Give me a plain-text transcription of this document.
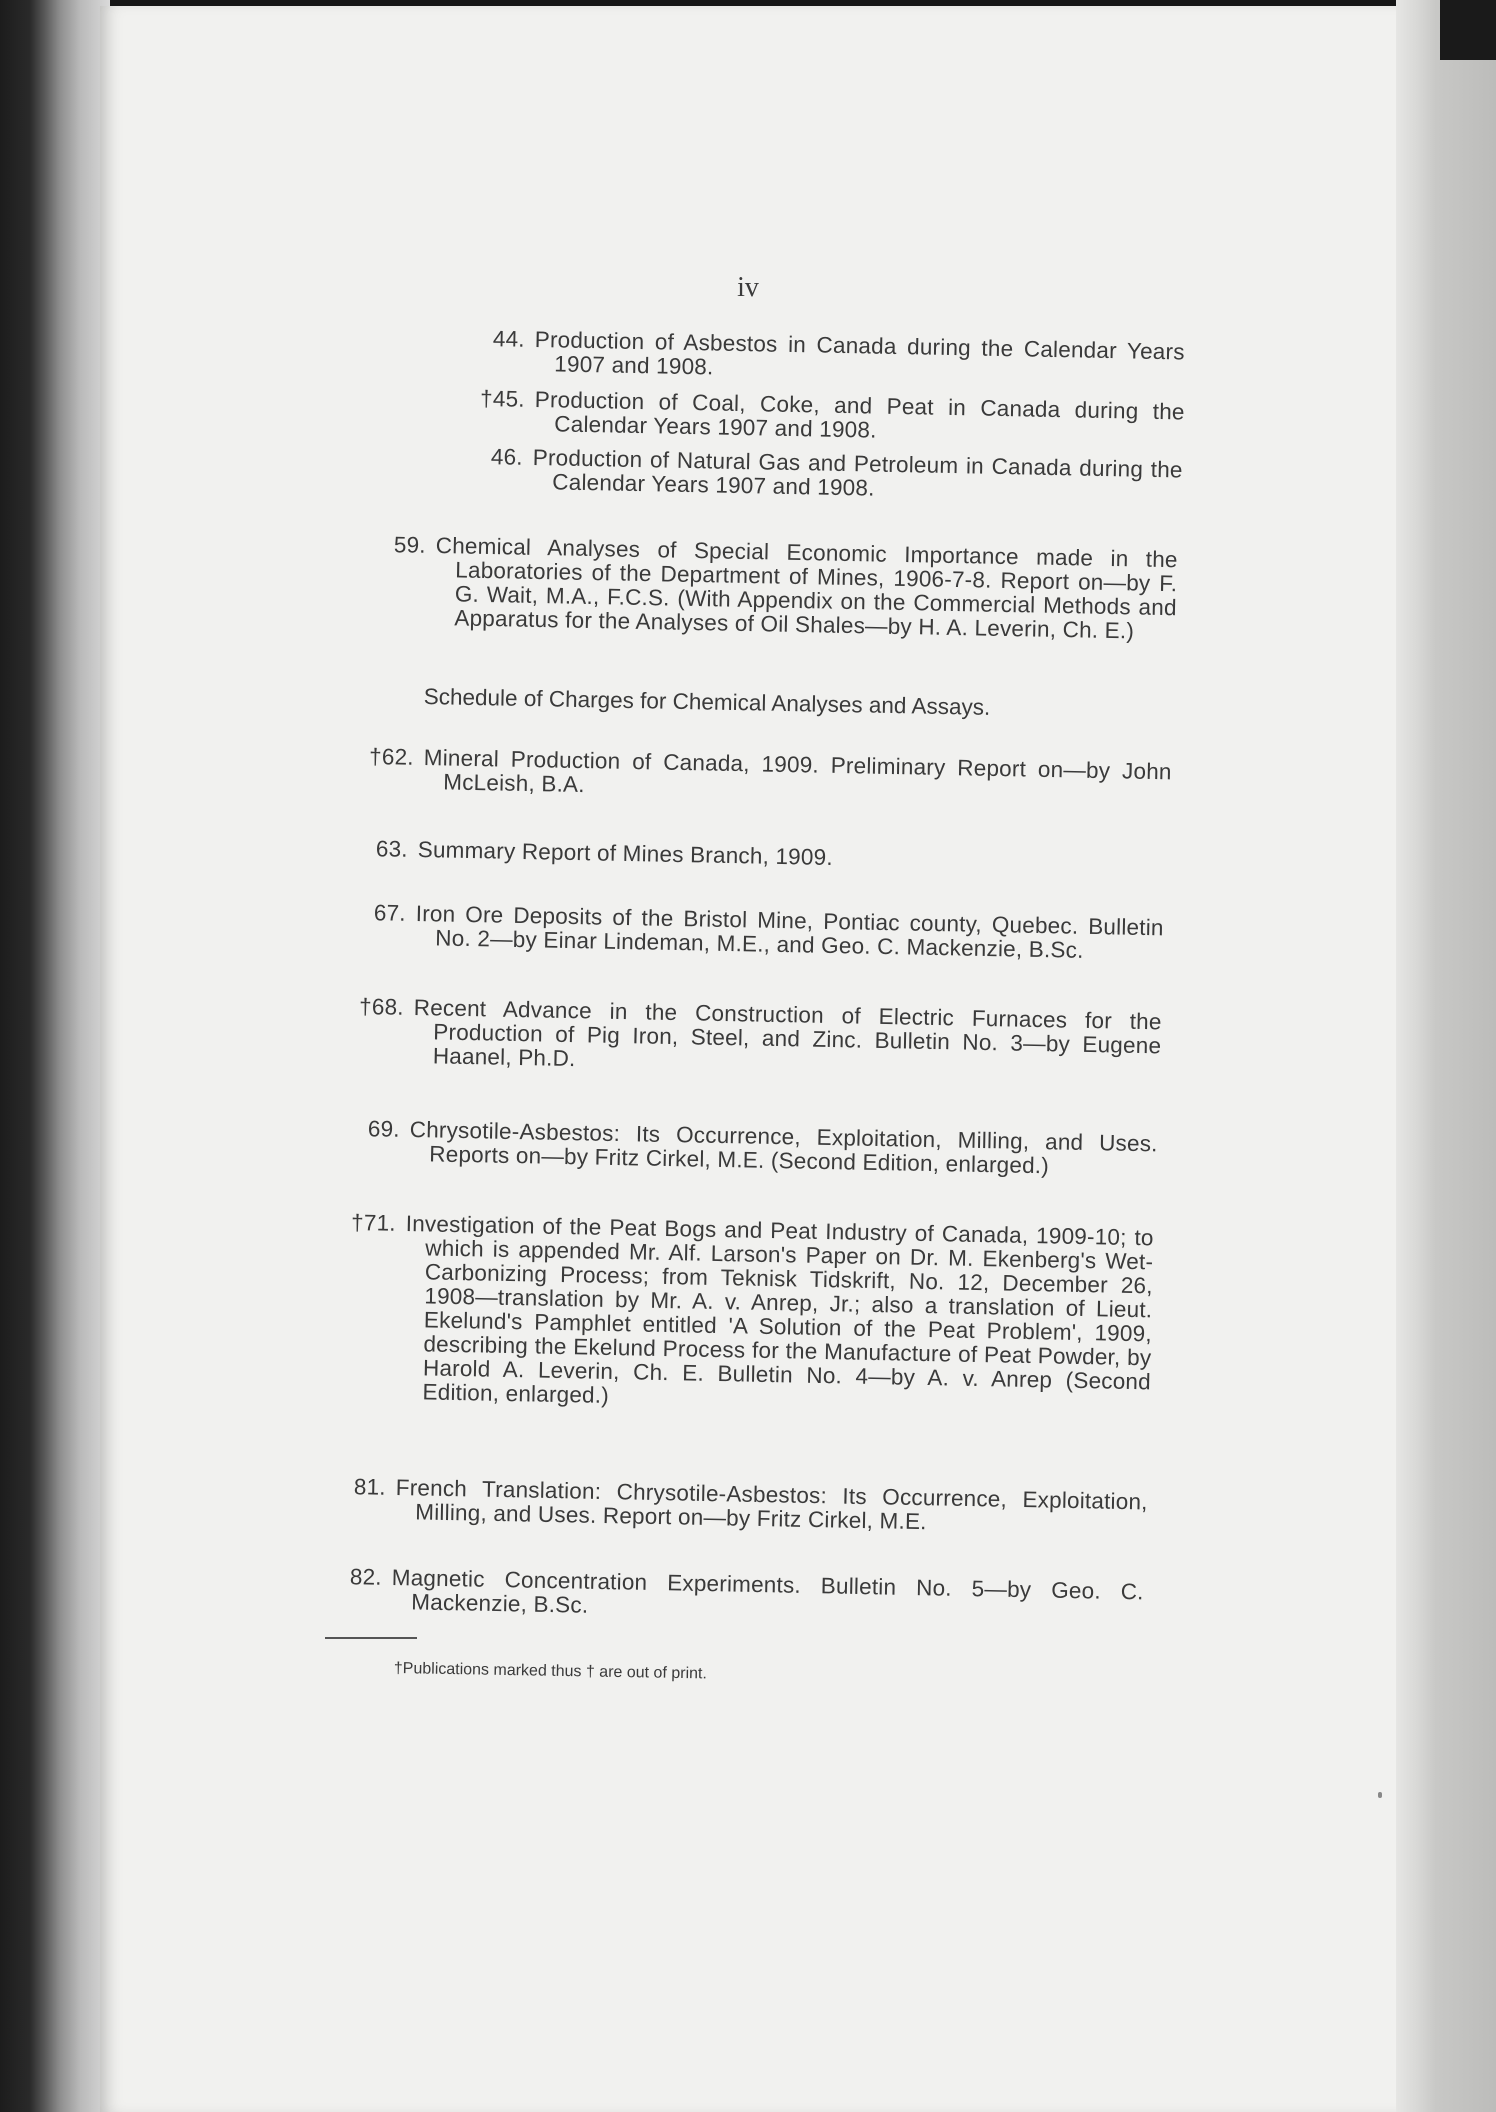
iv
44. Production of Asbestos in Canada during the Calendar Years 1907 and 1908.
†45. Production of Coal, Coke, and Peat in Canada during the Calendar Years 1907 and 1908.
46. Production of Natural Gas and Petroleum in Canada during the Calendar Years 1907 and 1908.
59. Chemical Analyses of Special Economic Importance made in the Laboratories of the Department of Mines, 1906-7-8. Report on—by F. G. Wait, M.A., F.C.S. (With Appendix on the Commercial Methods and Apparatus for the Analyses of Oil Shales—by H. A. Leverin, Ch. E.)
†62. Mineral Production of Canada, 1909. Preliminary Report on—by John McLeish, B.A.
63. Summary Report of Mines Branch, 1909.
67. Iron Ore Deposits of the Bristol Mine, Pontiac county, Quebec. Bulletin No. 2—by Einar Lindeman, M.E., and Geo. C. Mackenzie, B.Sc.
†68. Recent Advance in the Construction of Electric Furnaces for the Production of Pig Iron, Steel, and Zinc. Bulletin No. 3—by Eugene Haanel, Ph.D.
69. Chrysotile-Asbestos: Its Occurrence, Exploitation, Milling, and Uses. Reports on—by Fritz Cirkel, M.E. (Second Edition, enlarged.)
†71. Investigation of the Peat Bogs and Peat Industry of Canada, 1909-10; to which is appended Mr. Alf. Larson's Paper on Dr. M. Ekenberg's Wet-Carbonizing Process; from Teknisk Tidskrift, No. 12, December 26, 1908—translation by Mr. A. v. Anrep, Jr.; also a translation of Lieut. Ekelund's Pamphlet entitled 'A Solution of the Peat Problem', 1909, describing the Ekelund Process for the Manufacture of Peat Powder, by Harold A. Leverin, Ch. E. Bulletin No. 4—by A. v. Anrep (Second Edition, enlarged.)
81. French Translation: Chrysotile-Asbestos: Its Occurrence, Exploitation, Milling, and Uses. Report on—by Fritz Cirkel, M.E.
82. Magnetic Concentration Experiments. Bulletin No. 5—by Geo. C. Mackenzie, B.Sc.
Schedule of Charges for Chemical Analyses and Assays.
†Publications marked thus † are out of print.
